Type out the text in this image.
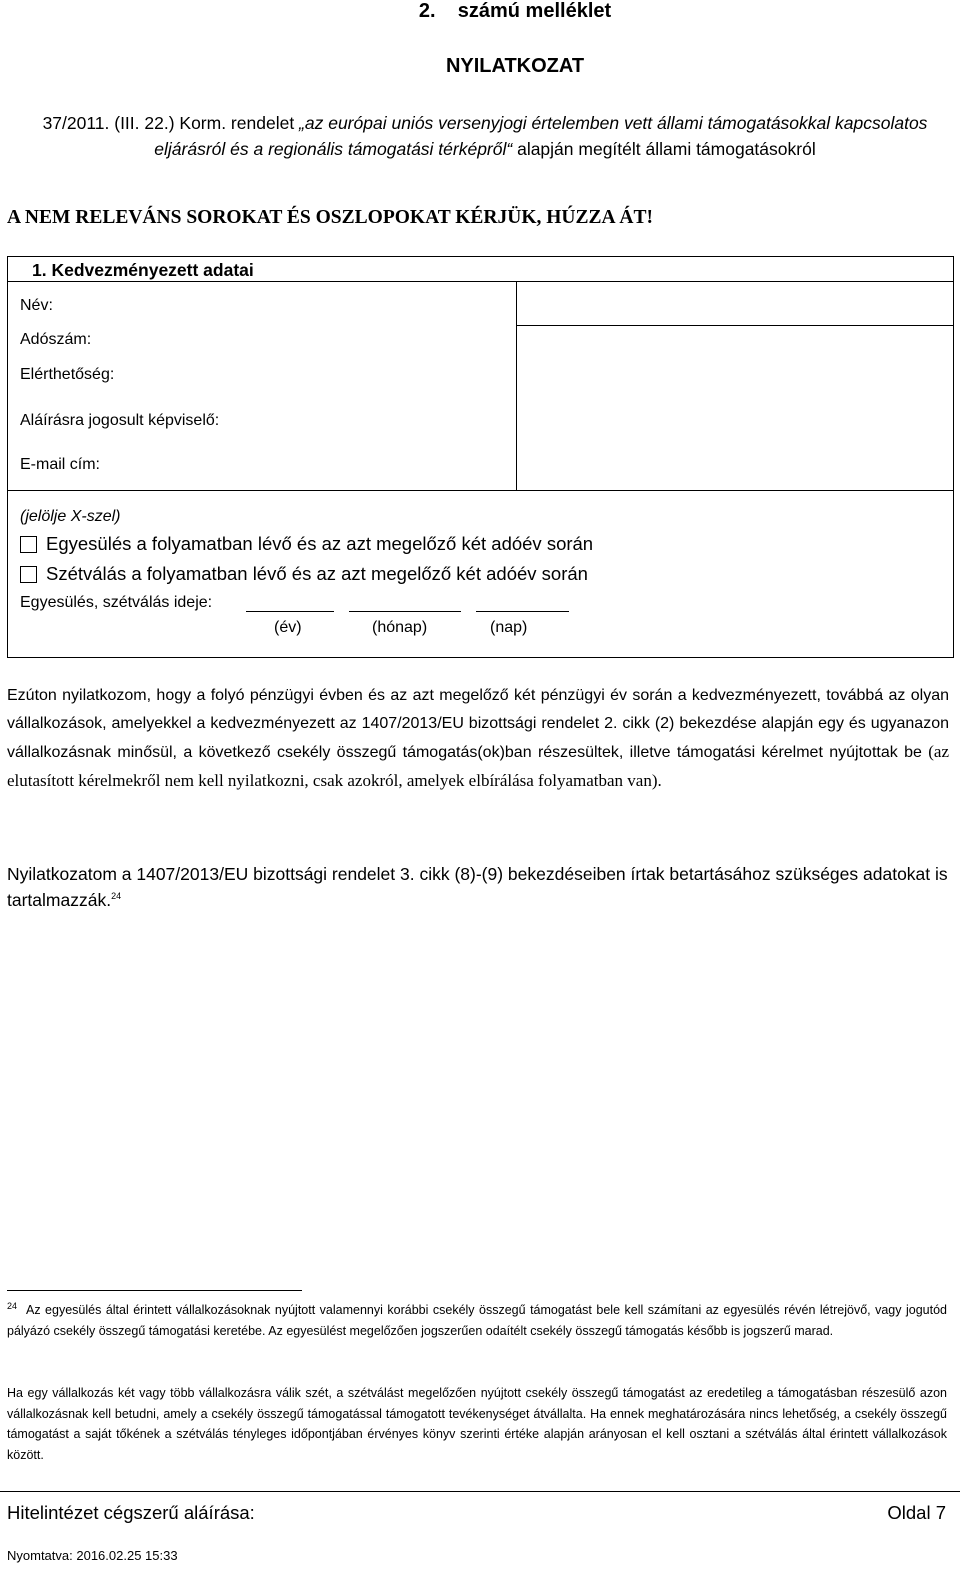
2. számú melléklet
NYILATKOZAT
37/2011. (III. 22.) Korm. rendelet „az európai uniós versenyjogi értelemben vett állami támogatásokkal kapcsolatos eljárásról és a regionális támogatási térképről“ alapján megítélt állami támogatásokról
A NEM RELEVÁNS SOROKAT ÉS OSZLOPOKAT KÉRJÜK, HÚZZA ÁT!
1. Kedvezményezett adatai
Név:
Adószám:
Elérthetőség:
Aláírásra jogosult képviselő:
E-mail cím:
(jelölje X-szel)
Egyesülés a folyamatban lévő és az azt megelőző két adóév során
Szétválás a folyamatban lévő és az azt megelőző két adóév során
Egyesülés, szétválás ideje:
(év)	(hónap)	(nap)
Ezúton nyilatkozom, hogy a folyó pénzügyi évben és az azt megelőző két pénzügyi év során a kedvezményezett, továbbá az olyan vállalkozások, amelyekkel a kedvezményezett az 1407/2013/EU bizottsági rendelet 2. cikk (2) bekezdése alapján egy és ugyanazon vállalkozásnak minősül, a következő csekély összegű támogatás(ok)ban részesültek, illetve támogatási kérelmet nyújtottak be (az elutasított kérelmekről nem kell nyilatkozni, csak azokról, amelyek elbírálása folyamatban van).
Nyilatkozatom a 1407/2013/EU bizottsági rendelet 3. cikk (8)-(9) bekezdéseiben írtak betartásához szükséges adatokat is tartalmazzák.$^{24}$
$^{24}$ Az egyesülés által érintett vállalkozásoknak nyújtott valamennyi korábbi csekély összegű támogatást bele kell számítani az egyesülés révén létrejövő, vagy jogutód pályázó csekély összegű támogatási keretébe. Az egyesülést megelőzően jogszerűen odaítélt csekély összegű támogatás később is jogszerű marad.
Ha egy vállalkozás két vagy több vállalkozásra válik szét, a szétválást megelőzően nyújtott csekély összegű támogatást az eredetileg a támogatásban részesülő azon vállalkozásnak kell betudni, amely a csekély összegű támogatással támogatott tevékenységet átvállalta. Ha ennek meghatározására nincs lehetőség, a csekély összegű támogatást a saját tőkének a szétválás tényleges időpontjában érvényes könyv szerinti értéke alapján arányosan el kell osztani a szétválás által érintett vállalkozások között.
Hitelintézet cégszerű aláírása:	Oldal 7
Nyomtatva: 2016.02.25 15:33
